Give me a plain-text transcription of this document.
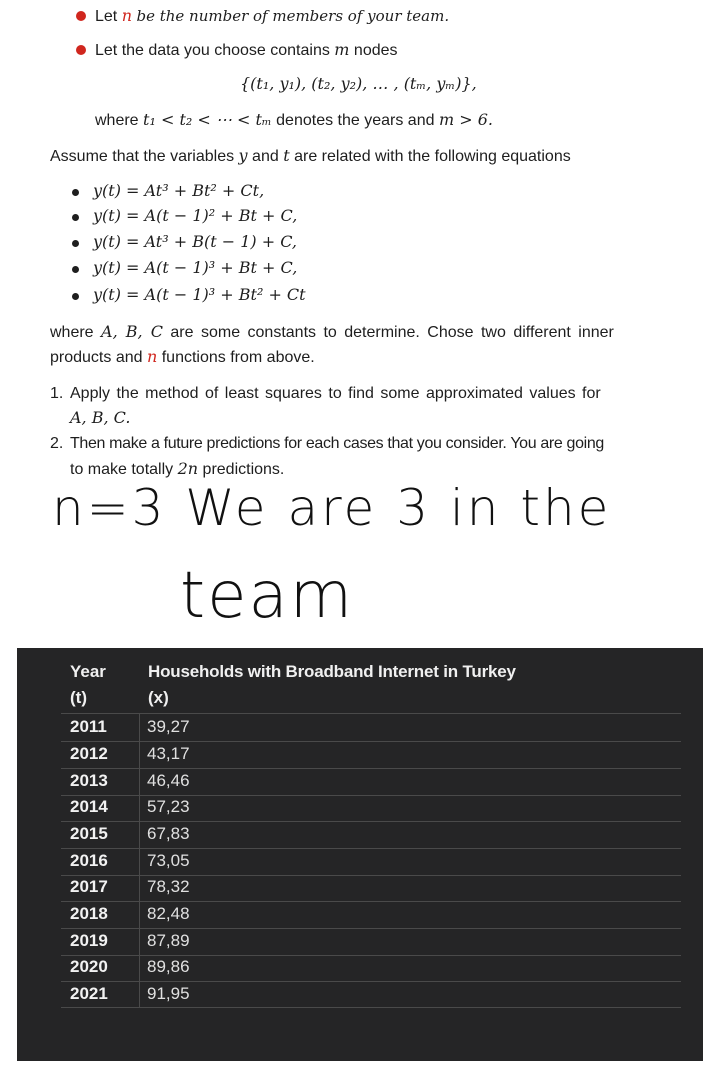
Let n be the number of members of your team.
Let the data you choose contains m nodes
{(t₁, y₁), (t₂, y₂), … , (tₘ, yₘ)},
where t₁ < t₂ < ⋯ < tₘ denotes the years and m > 6.
Assume that the variables y and t are related with the following equations
y(t) = At³ + Bt² + Ct,
y(t) = A(t − 1)² + Bt + C,
y(t) = At³ + B(t − 1) + C,
y(t) = A(t − 1)³ + Bt + C,
y(t) = A(t − 1)³ + Bt² + Ct
where A, B, C are some constants to determine. Chose two different inner
products and n functions from above.
1. Apply the method of least squares to find some approximated values for
A, B, C.
2. Then make a future predictions for each cases that you consider. You are going
to make totally 2n predictions.
n=3 We are 3 in the
team
Year
(t)
Households with Broadband Internet in Turkey
(x)
2011 39,27
2012 43,17
2013 46,46
2014 57,23
2015 67,83
2016 73,05
2017 78,32
2018 82,48
2019 87,89
2020 89,86
2021 91,95
